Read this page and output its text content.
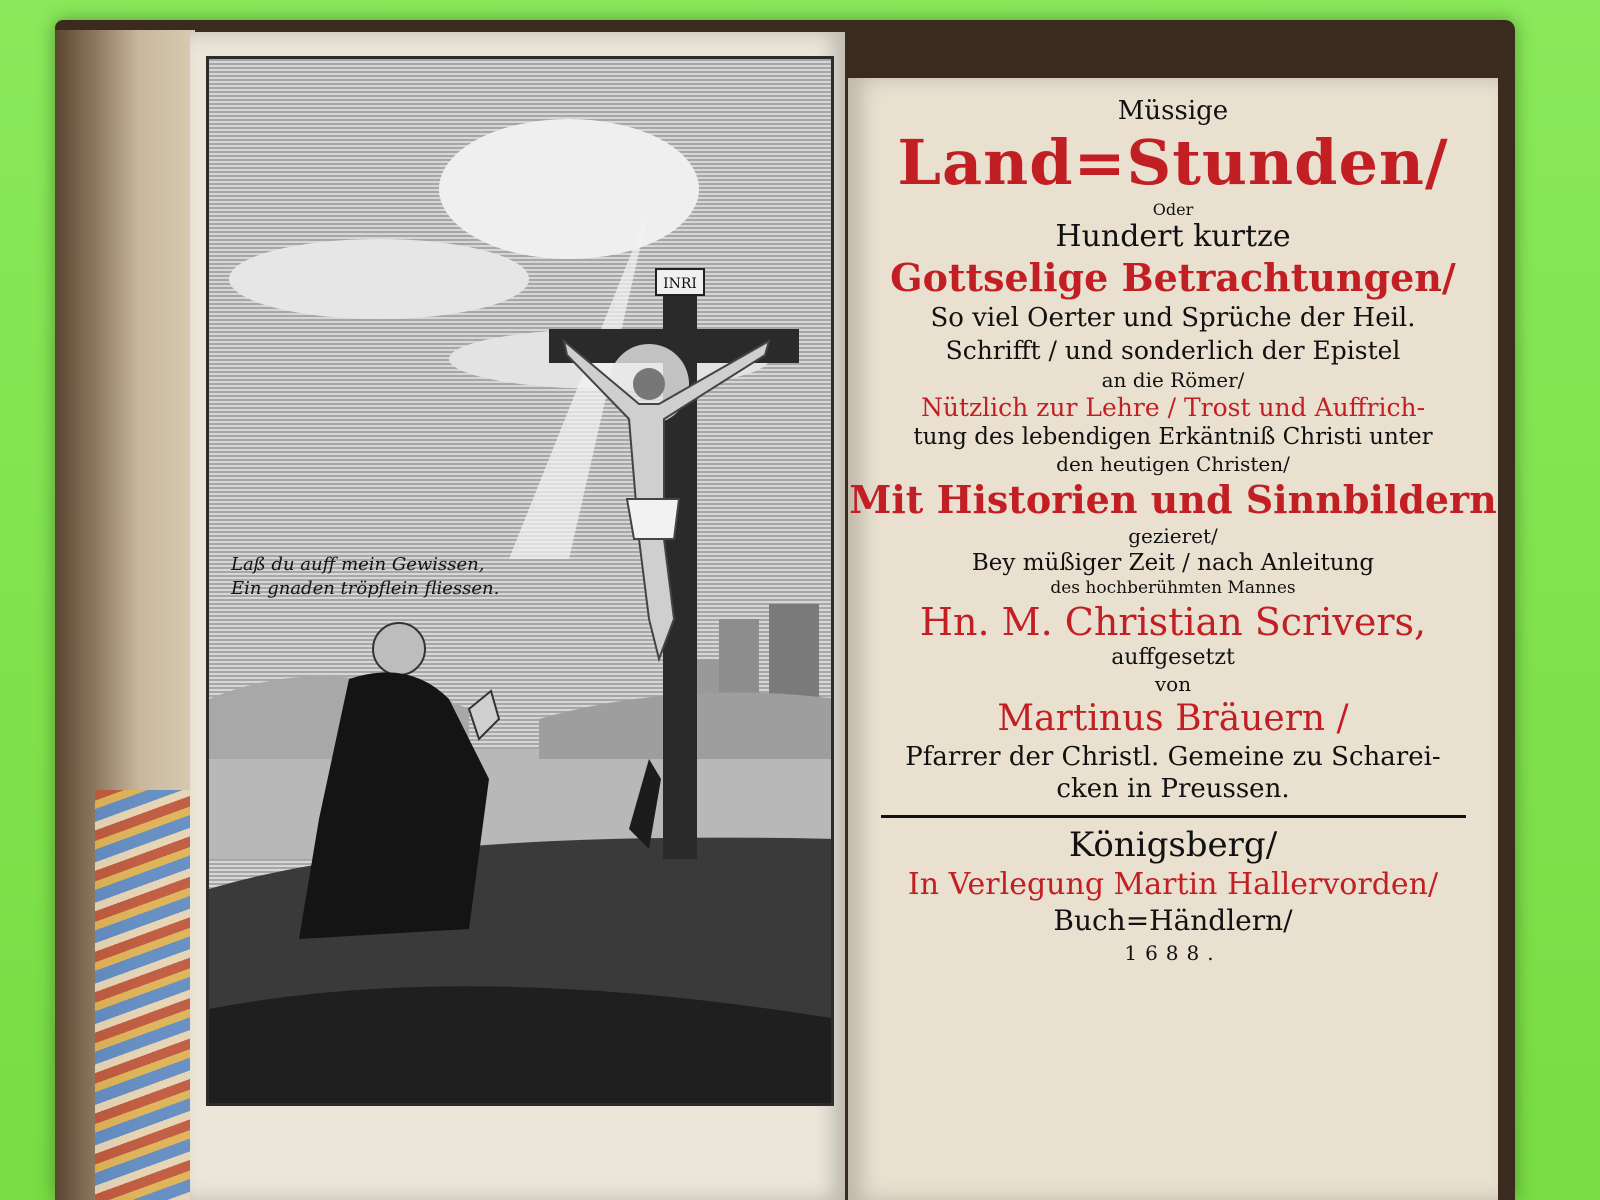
INRI
Laß du auff mein Gewissen,
Ein gnaden tröpflein fliessen.
Müssige
Land=Stunden/
Oder
Hundert kurtze
Gottselige Betrachtungen/
So viel Oerter und Sprüche der Heil.
Schrifft / und sonderlich der Epistel
an die Römer/
Nützlich zur Lehre / Trost und Auffrich-
tung des lebendigen Erkäntniß Christi unter
den heutigen Christen/
Mit Historien und Sinnbildern
gezieret/
Bey müßiger Zeit / nach Anleitung
des hochberühmten Mannes
Hn. M. Christian Scrivers,
auffgesetzt
von
Martinus Bräuern /
Pfarrer der Christl. Gemeine zu Scharei-
cken in Preussen.
Königsberg/
In Verlegung Martin Hallervorden/
Buch=Händlern/
1688.
